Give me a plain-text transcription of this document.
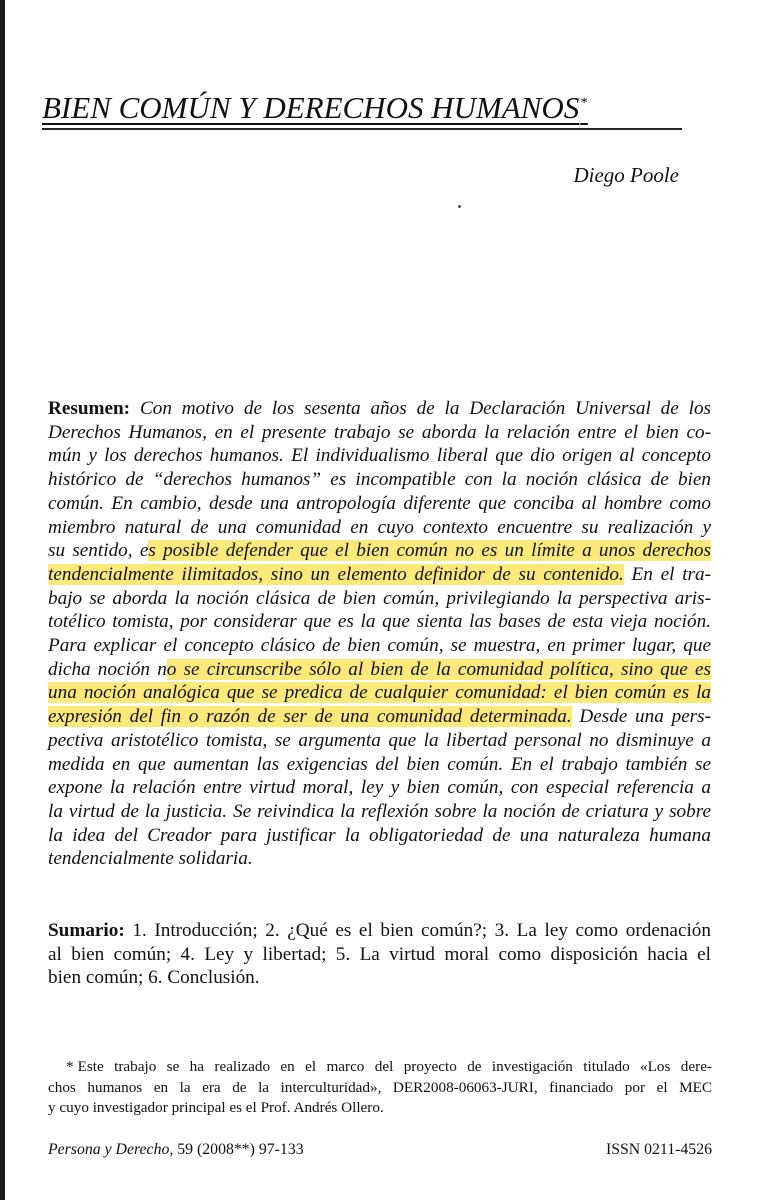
BIEN COMÚN Y DERECHOS HUMANOS*
Diego Poole
Resumen: Con motivo de los sesenta años de la Declaración Universal de los
Derechos Humanos, en el presente trabajo se aborda la relación entre el bien co-
mún y los derechos humanos. El individualismo liberal que dio origen al concepto
histórico de “derechos humanos” es incompatible con la noción clásica de bien
común. En cambio, desde una antropología diferente que conciba al hombre como
miembro natural de una comunidad en cuyo contexto encuentre su realización y
su sentido, es posible defender que el bien común no es un límite a unos derechos
tendencialmente ilimitados, sino un elemento definidor de su contenido. En el tra-
bajo se aborda la noción clásica de bien común, privilegiando la perspectiva aris-
totélico tomista, por considerar que es la que sienta las bases de esta vieja noción.
Para explicar el concepto clásico de bien común, se muestra, en primer lugar, que
dicha noción no se circunscribe sólo al bien de la comunidad política, sino que es
una noción analógica que se predica de cualquier comunidad: el bien común es la
expresión del fin o razón de ser de una comunidad determinada. Desde una pers-
pectiva aristotélico tomista, se argumenta que la libertad personal no disminuye a
medida en que aumentan las exigencias del bien común. En el trabajo también se
expone la relación entre virtud moral, ley y bien común, con especial referencia a
la virtud de la justicia. Se reivindica la reflexión sobre la noción de criatura y sobre
la idea del Creador para justificar la obligatoriedad de una naturaleza humana
tendencialmente solidaria.
Sumario: 1. Introducción; 2. ¿Qué es el bien común?; 3. La ley como ordenación
al bien común; 4. Ley y libertad; 5. La virtud moral como disposición hacia el
bien común; 6. Conclusión.
* Este trabajo se ha realizado en el marco del proyecto de investigación titulado «Los dere-
chos humanos en la era de la interculturidad», DER2008-06063-JURI, financiado por el MEC
y cuyo investigador principal es el Prof. Andrés Ollero.
Persona y Derecho, 59 (2008**) 97-133	ISSN 0211-4526
